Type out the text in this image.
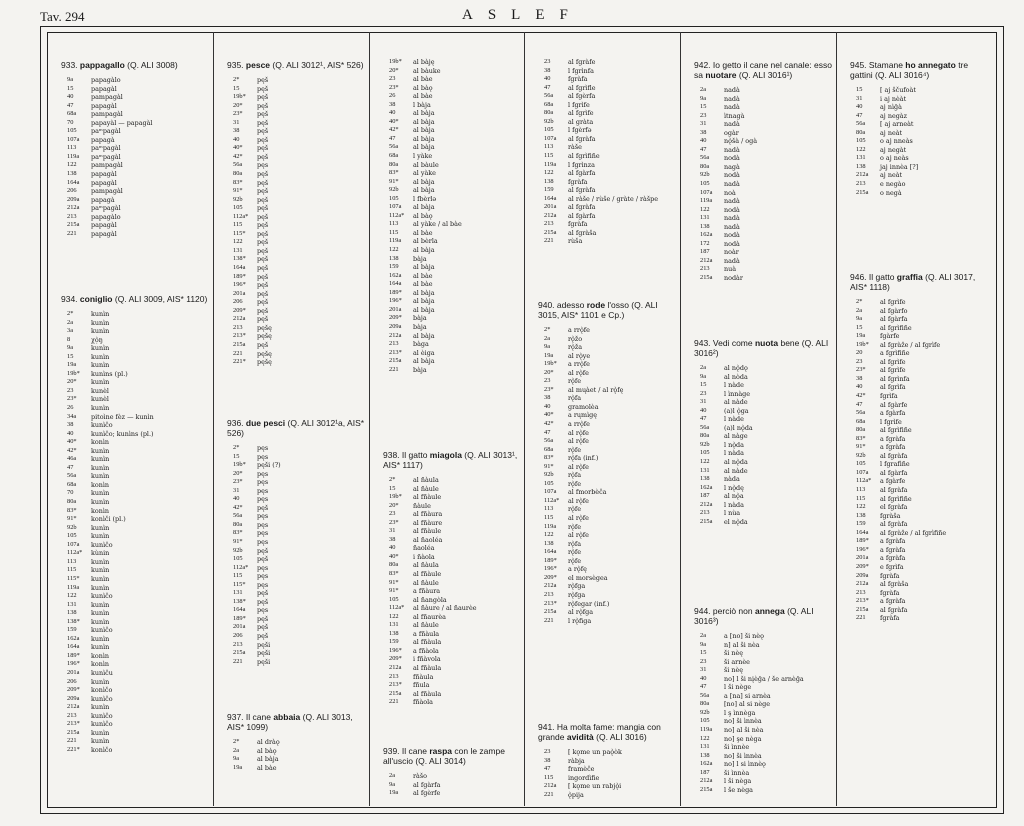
Tav. 294	ASLEF
933. pappagallo (Q. ALI 3008)
9a	papagàlo
15	papagàl
40	pampagàl
47	papagàl
68a	pampagàl
70	papayàl — papagàl
105	paᵐpagàl
107a	papagà
113	paᵐpagàl
119a	paᵐpagàl
122	pampagàl
138	papagàl
164a	papagàl
206	pampagàl
209a	papagà
212a	paᵐpagàl
213	papagàlo
215a	papagàl
221	papagàl
934. coniglio (Q. ALI 3009, AIS* 1120)
2*	kunìn
2a	kunìn
3a	kunìn
8	χọ̀ŋ
9a	kunìn
15	kunìn
19a	kunìn
19b*	kunìns (pl.)
20*	kunìn
23	kunèl
23*	kunèl
26	kunìn
34a	pitoìne fèz — kunìn
38	kunìčo
40	kunìčo; kunìns (pl.)
40*	konìn
42*	kunìn
46a	kunìn
47	kunìn
56a	kunìn
68a	konìn
70	kunìn
80a	kunìn
83*	konìn
91*	konìči (pl.)
92b	kunìn
105	kunìn
107a	kunìčo
112a*	kùnin
113	kunìn
115	kunìn
115*	kunìn
119a	kunìn
122	kunìčo
131	kunìn
138	kunìn
138*	kunìn
159	kunìčo
162a	kunìn
164a	kunìn
189*	konìn
196*	konìn
201a	kunìču
206	kunìn
209*	konìčo
209a	kunìčo
212a	kunìn
213	kunìčo
213*	kunìčo
215a	kunìn
221	kunìn
221*	konìčo
935. pesce (Q. ALI 3012¹, AIS* 526)
2*	pęš
15	pęš
19b*	pęš
20*	pęš
23*	pęš
31	pęš
38	pęš
40	pęš
40*	pęš
42*	pęš
56a	pęs
80a	pęš
83*	pęš
91*	pęš
92b	pęš
105	pęš
112a*	pęš
115	pęš
115*	pęš
122	pęš
131	pęš
138*	pęš
164a	pęš
189*	pęš
196*	pęš
201a	pęš
206	pęš
209*	pęš
212a	pęš
213	pęšę
213*	pęšę
215a	pęš
221	pęšę
221*	pęšę
936. due pesci (Q. ALI 3012¹a, AIS* 526)
2*	pęs
15	pęs
19b*	pęši (?)
20*	pęs
23*	pęs
31	pęs
40	pęs
42*	pęš
56a	pęs
80a	pęs
83*	pęs
91*	pęs
92b	pęš
105	pęš
112a*	pęs
115	pęs
115*	pęs
131	pęš
138*	pęš
164a	pęs
189*	pęš
201a	pęš
206	pęš
213	pęši
215a	pęši
221	pęši
937. Il cane abbaia (Q. ALI 3013, AIS* 1099)
2*	al dràǫ
2a	al bàǫ
9a	al bàja
19a	al bàe
19b*	al bàję
20*	al bàuke
23	al bàe
23*	al bàǫ
26	al bàe
38	l bàja
40	al bàja
40*	al bàja
42*	al bàja
47	al bàja
56a	al bàja
68a	l yàke
80a	al bàule
83*	al yàke
91*	al bàja
92b	al bàja
105	l fbèrlə
107a	al bàja
112a*	al bàǫ
113	al yàke / al bàe
115	al bàe
119a	al bèrla
122	al bàja
138	bàja
159	al bàja
162a	al bàe
164a	al bàe
189*	al bàja
196*	al bàja
201a	al bàja
209*	bàja
209a	bàja
212a	al bàja
213	bàga
213*	al èiga
215a	al bàja
221	bàja
938. Il gatto miagola (Q. ALI 3013¹, AIS* 1117)
2*	al ñàula
15	al ñàule
19b*	al fñàule
20*	ñàule
23	al fñàura
23*	al fñàure
31	al fñàule
38	al ñaoléa
40	ñaoléa
40*	i ñàola
80a	al ñàula
83*	al fñàule
91*	al ñàule
91*	a fñàura
105	al ñangòla
112a*	al ñàure / al ñaurèe
122	al fñaurèa
131	al ñàule
138	a fñàula
159	al fñàula
196*	a fñàola
209*	i fñàvola
212a	al fñàula
213	fñàula
213*	fñula
215a	al fñàula
221	fñàola
939. Il cane raspa con le zampe all'uscio (Q. ALI 3014)
2a	ràšo
9a	al fgàrfa
19a	al fgèrfe
23	al fgràfe
38	l fgrìnfa
40	fgràfa
47	al fgrìfle
56a	al fgèrfa
68a	l fgrìfe
80a	al fgrìfe
92b	al gràta
105	l fgèrfə
107a	al fgràfa
113	ràše
115	al fgrìfiñe
119a	l fgrìnza
122	al fgàrfa
138	fgràfa
159	al fgràfa
164a	al ràše / rùše / gràte / ràšpe
201a	al fgràfa
212a	al fgàrfa
213	fgràfa
215a	al fgràša
221	rùša
940. adesso rode l'osso (Q. ALI 3015, AIS* 1101 e Cp.)
2*	a rrǫ̀fe
2a	rǫ̀žo
9a	rǫ̀ža
19a	al rǫ̀ye
19b*	a rrǫ̀fe
20*	al rǫ̀fe
23	rǫ̀fe
23*	al mųàet / al rǫ̀fę
38	rǫ̀fa
40	gramolèa
40*	a rųmìgę
42*	a rrǫ̀fe
47	al rǫ̀fe
56a	al rǫ̀fe
68a	rǫ̀fe
83*	rǫ̀fa (inf.)
91*	al rǫ̀fe
92b	rǫ̀fa
105	rǫ̀fe
107a	al fmorbèča
112a*	al rǫ̀fe
113	rǫ̀fe
115	al rǫ̀fe
119a	rǫ̀fe
122	al rǫ̀fe
138	rǫ̀fa
164a	rǫ̀fe
189*	rǫ̀fe
196*	a rǫ̀fę
209*	el morsègea
212a	rǫ̀fga
213	rǫ̀fga
213*	rǫ̀fegar (inf.)
215a	al rǫ̀fga
221	l rǫ̀figa
941. Ha molta fame: mangia con grande avidità (Q. ALI 3016)
23	[ kǫme un paǫ̀òk
38	ràbja
47	framèče
115	ingordìfie
212a	[ kǫme un rabjǫ̀i
221	ǫ̀pija
942. Io getto il cane nel canale: esso sa nuotare (Q. ALI 3016¹)
2a	nadà
9a	nadà
15	nadà
23	ìtnagà
31	nadà
38	ogàr
40	nǫ̀šà / ogà
47	nadà
56a	nodà
80a	nagà
92b	nodà
105	nadà
107a	noà
119a	nadà
122	nodà
131	nadà
138	nadà
162a	nodà
172	nodà
187	noàr
212a	nadà
213	nuà
215a	nodàr
943. Vedi come nuota bene (Q. ALI 3016²)
2a	al nǫ̀dǫ
9a	al nòda
15	l nàde
23	l ìnnàge
31	al nàde
40	(a)l ǫ̀ga
47	l nàde
56a	(a)l nǫ̀da
80a	al nàge
92b	l nǫ̀da
105	l nàda
122	al nǫ̀da
131	al nàde
138	nàda
162a	l nǫ̀dę
187	al nǫ̀a
212a	l nàda
213	l nùa
215a	el nǫ̀da
944. perciò non annega (Q. ALI 3016³)
2a	a [no] ši nèǫ
9a	n] al ši nèa
15	ši nèę
23	ši arnèe
31	ši nèę
40	no] l ši nįèğa / še arnèğa
47	l ši nège
56a	a [na] si arnèa
80a	[no] al si nège
92b	l ş ìnnèga
105	no] ši ìnnèa
119a	no] al ši nèa
122	no] şe nèga
131	ši ìnnèe
138	no] ši ìnnèa
162a	no] l si ìnnèǫ
187	ši ìnnèa
212a	l ši nèga
215a	l še nèga
945. Stamane ho annegato tre gattini (Q. ALI 3016⁴)
15	[ aj ščufoàt
31	i aj nèàt
40	aj nìğà
47	aj negàz
56a	[ aj arneàt
80a	aj neàt
105	o aj nneàs
122	aj negàt
131	o aj neàs
138	jaj innèa [?]
212a	aj neàt
213	e negào
215a	o negà
946. Il gatto graffia (Q. ALI 3017, AIS* 1118)
2*	al fgrìfe
2a	al fgàrfo
9a	al fgàrfa
15	al fgrìfiñe
19a	fgàrfe
19b*	al fgràže / al fgrìfe
20	a fgrìfiñe
23	al fgrìfe
23*	al fgrìfe
38	al fgrìnfa
40	al fgrìfa
42*	fgrìfa
47	al fgàrfe
56a	a fgàrfa
68a	l fgrìfe
80a	al fgrìfiñe
83*	a fgràfa
91*	a fgràfa
92b	al fgràfa
105	l fgrafìñe
107a	al fgàrfa
112a*	a fgàrfe
113	al fgràfa
115	al fgrìfiñe
122	el fgràfa
138	fgràša
159	al fgràfa
164a	al fgràže / al fgrìfiñe
189*	a fgràfa
196*	a fgràfa
201a	a fgràfa
209*	e fgrìfa
209a	fgràfa
212a	al fgràša
213	fgràfa
213*	a fgràfa
215a	al fgràfa
221	fgràfa
